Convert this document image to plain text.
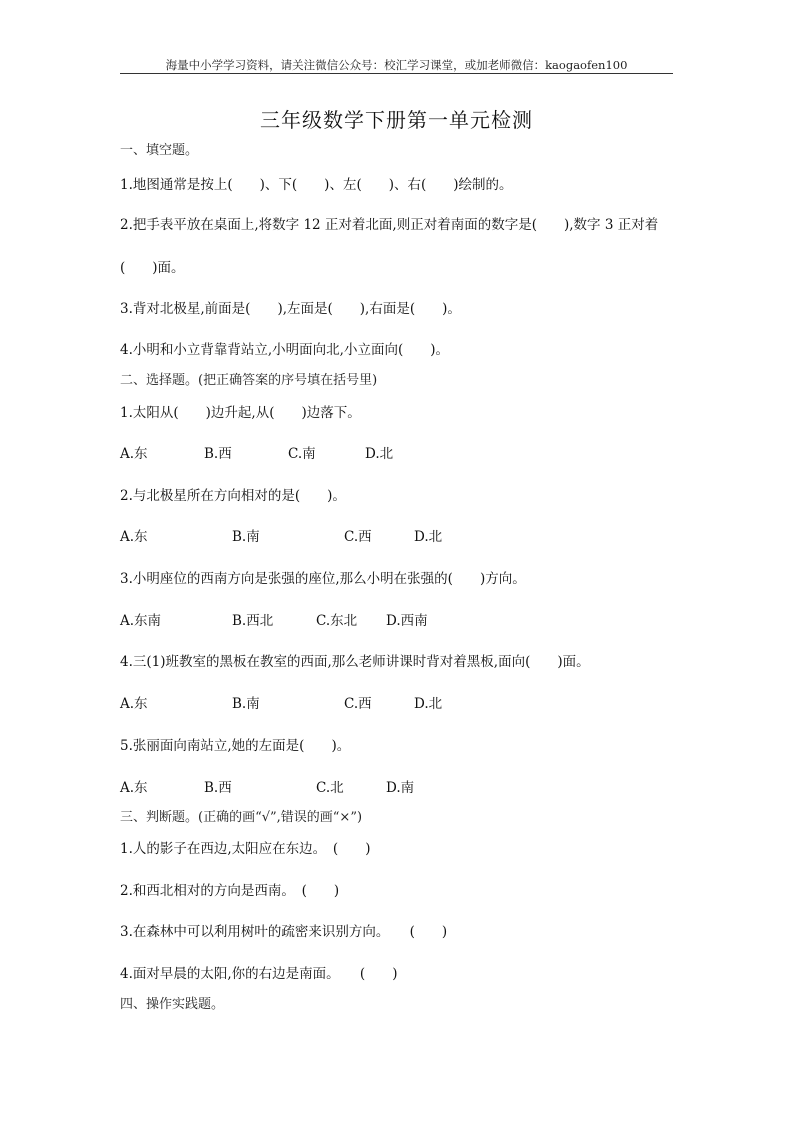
海量中小学学习资料，请关注微信公众号：校汇学习课堂，或加老师微信：kaogaofen100
三年级数学下册第一单元检测
一、填空题。
1.地图通常是按上(　　)、下(　　)、左(　　)、右(　　)绘制的。
2.把手表平放在桌面上,将数字 12 正对着北面,则正对着南面的数字是(　　),数字 3 正对着
(　　)面。
3.背对北极星,前面是(　　),左面是(　　),右面是(　　)。
4.小明和小立背靠背站立,小明面向北,小立面向(　　)。
二、选择题。(把正确答案的序号填在括号里)
1.太阳从(　　)边升起,从(　　)边落下。
A.东	B.西	C.南	D.北
2.与北极星所在方向相对的是(　　)。
A.东	B.南	C.西	D.北
3.小明座位的西南方向是张强的座位,那么小明在张强的(　　)方向。
A.东南	B.西北	C.东北 D.西南
4.三(1)班教室的黑板在教室的西面,那么老师讲课时背对着黑板,面向(　　)面。
A.东	B.南	C.西	D.北
5.张丽面向南站立,她的左面是(　　)。
A.东	B.西	C.北	D.南
三、判断题。(正确的画“√”,错误的画“×”)
1.人的影子在西边,太阳应在东边。　(　　)
2.和西北相对的方向是西南。　(　　)
3.在森林中可以利用树叶的疏密来识别方向。　　(　　)
4.面对早晨的太阳,你的右边是南面。　　(　　)
四、操作实践题。
